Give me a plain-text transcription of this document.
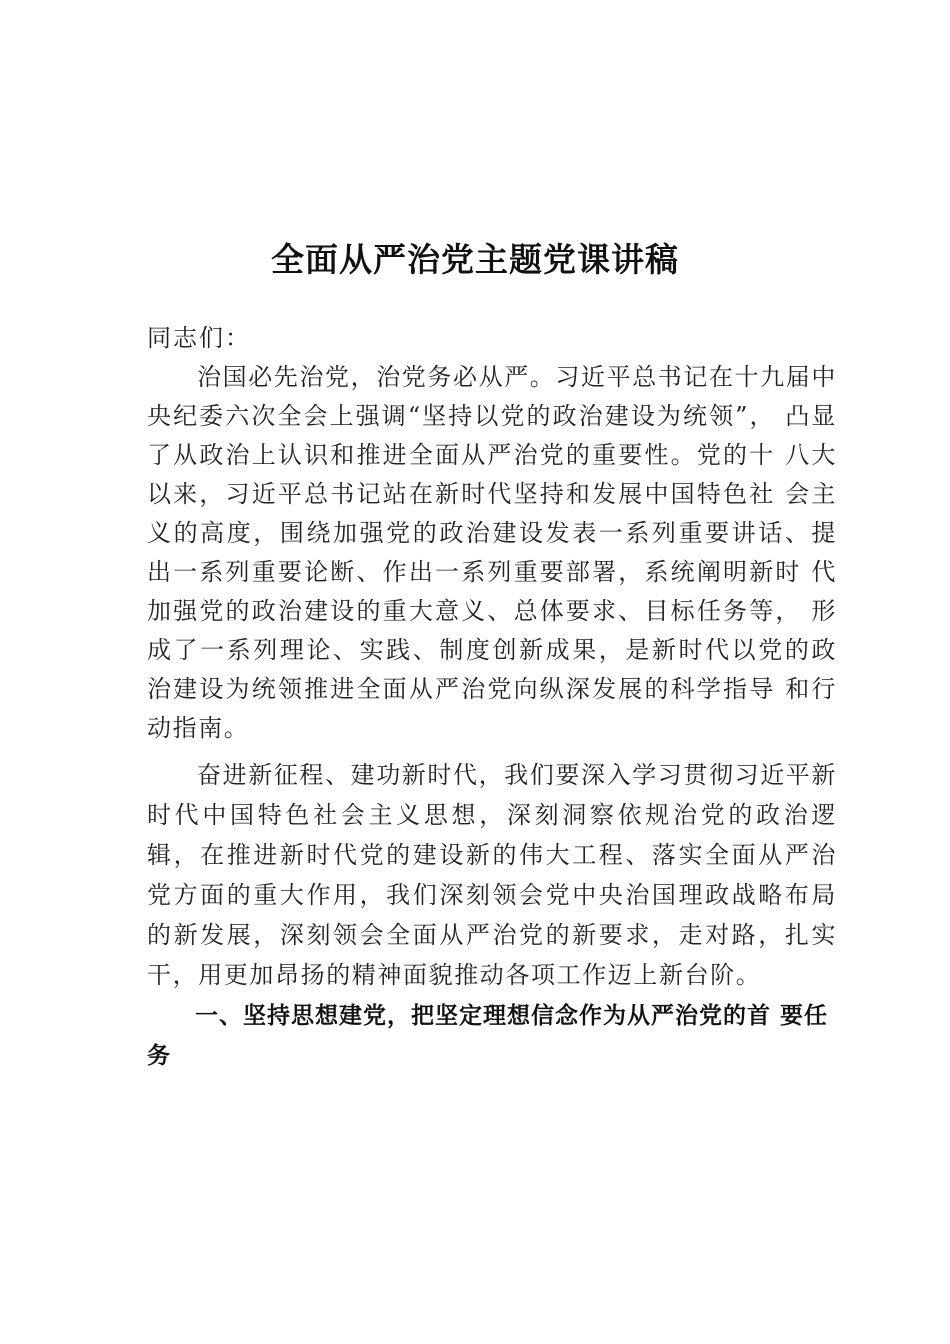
全面从严治党主题党课讲稿
同志们：

治国必先治党，治党务必从严。习近平总书记在十九届中央纪委六次全会上强调“坚持以党的政治建设为统领”， 凸显了从政治上认识和推进全面从严治党的重要性。党的十 八大以来，习近平总书记站在新时代坚持和发展中国特色社 会主义的高度，围绕加强党的政治建设发表一系列重要讲话、提出一系列重要论断、作出一系列重要部署，系统阐明新时 代加强党的政治建设的重大意义、总体要求、目标任务等， 形成了一系列理论、实践、制度创新成果，是新时代以党的政治建设为统领推进全面从严治党向纵深发展的科学指导 和行动指南。

奋进新征程、建功新时代，我们要深入学习贯彻习近平新时代中国特色社会主义思想，深刻洞察依规治党的政治逻辑，在推进新时代党的建设新的伟大工程、落实全面从严治党方面的重大作用，我们深刻领会党中央治国理政战略布局的新发展，深刻领会全面从严治党的新要求，走对路，扎实干，用更加昂扬的精神面貌推动各项工作迈上新台阶。

一、坚持思想建党，把坚定理想信念作为从严治党的首 要任务
